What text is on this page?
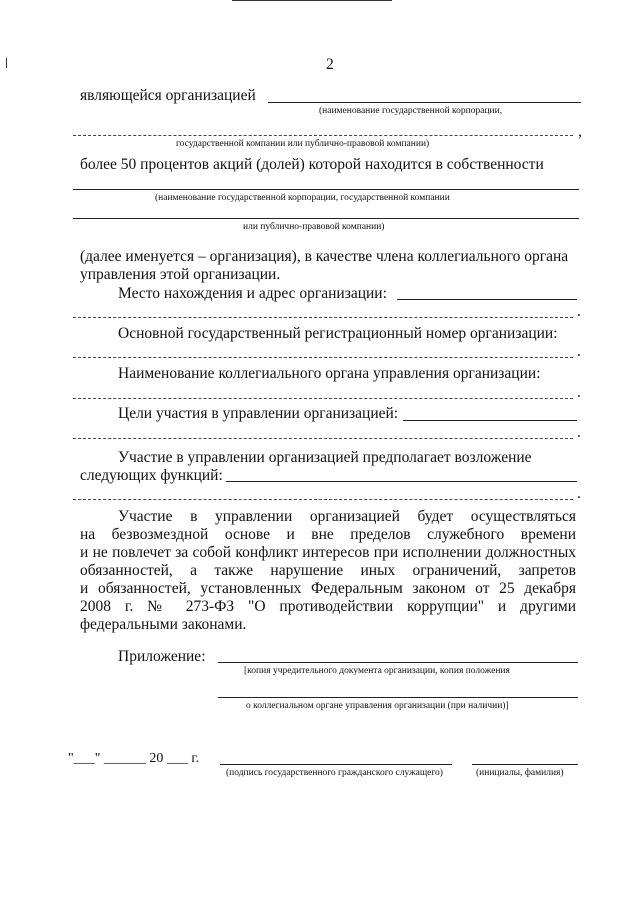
2
являющейся организацией
(наименование государственной корпорации,
,
государственной компании или публично-правовой компании)
более 50 процентов акций (долей) которой находится в собственности
(наименование государственной корпорации, государственной компании
или публично-правовой компании)
(далее именуется – организация), в качестве члена коллегиального органа
управления этой организации.
Место нахождения и адрес организации:
.
Основной государственный регистрационный номер организации:
.
Наименование коллегиального органа управления организации:
.
Цели участия в управлении организацией:
.
Участие в управлении организацией предполагает возложение
следующих функций:
.
Участие в управлении организацией будет осуществляться
на безвозмездной основе и вне пределов служебного времени
и не повлечет за собой конфликт интересов при исполнении должностных
обязанностей, а также нарушение иных ограничений, запретов
и обязанностей, установленных Федеральным законом от 25 декабря
2008 г. № 273-ФЗ "О противодействии коррупции" и другими
федеральными законами.
Приложение:
[копия учредительного документа организации, копия положения
о коллегиальном органе управления организации (при наличии)]
"___" ______ 20 ___ г.
(подпись государственного гражданского служащего)	(инициалы, фамилия)
